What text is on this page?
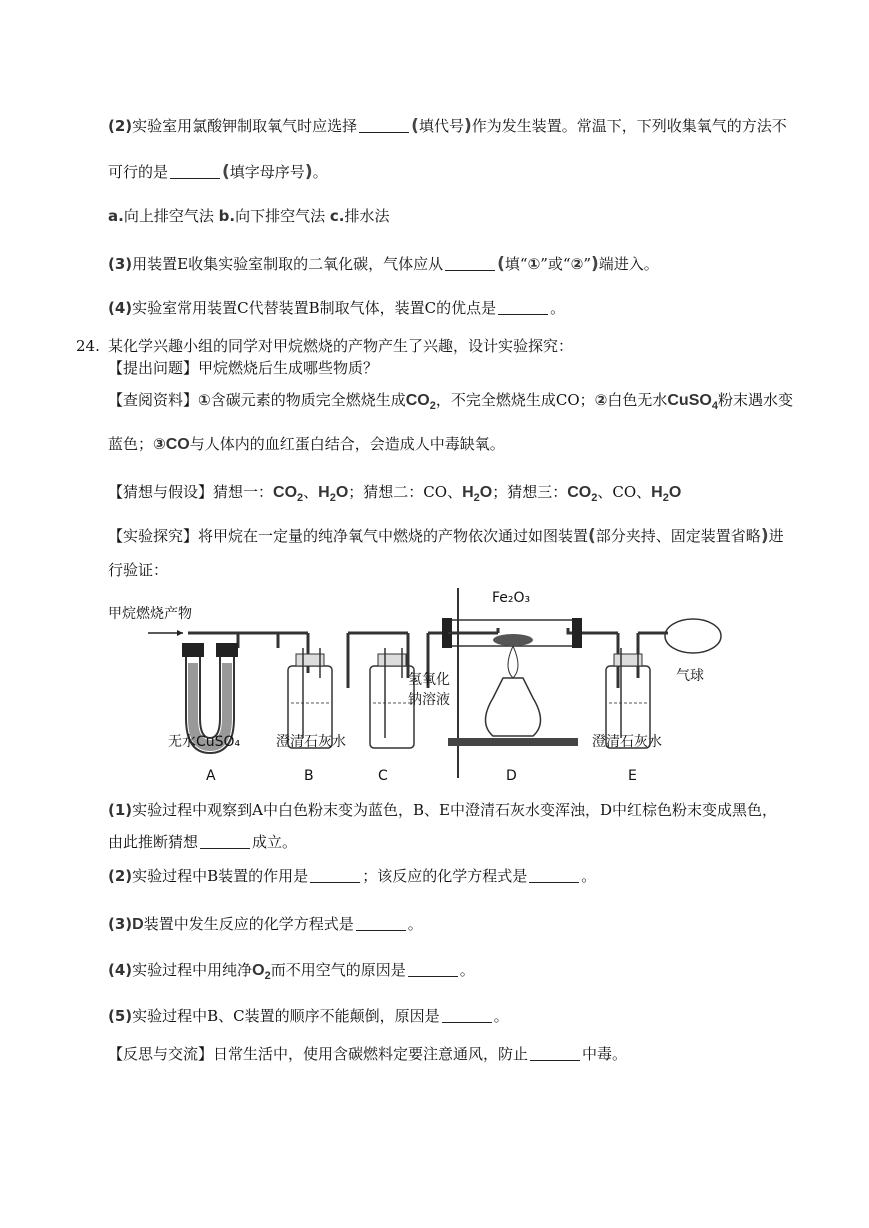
(2)实验室用氯酸钾制取氧气时应选择	(填代号)作为发生装置。常温下，下列收集氧气的方法不
可行的是	(填字母序号)。
a.向上排空气法 b.向下排空气法 c.排水法
(3)用装置E收集实验室制取的二氧化碳，气体应从	(填“①”或“②”)端进入。
(4)实验室常用装置C代替装置B制取气体，装置C的优点是	。
24. 某化学兴趣小组的同学对甲烷燃烧的产物产生了兴趣，设计实验探究：
【提出问题】甲烷燃烧后生成哪些物质？
【查阅资料】①含碳元素的物质完全燃烧生成$CO_2$，不完全燃烧生成CO；②白色无水CuSO$_4$粉末遇水变
蓝色；③CO与人体内的血红蛋白结合，会造成人中毒缺氧。
【猜想与假设】猜想一：$CO_2$、$H_2O$；猜想二：CO、$H_2O$；猜想三：$CO_2$、CO、$H_2O$
【实验探究】将甲烷在一定量的纯净氧气中燃烧的产物依次通过如图装置(部分夹持、固定装置省略)进
行验证：
甲烷燃烧产物
Fe₂O₃
氢氧化
钠溶液
气球
无水CuSO₄	澄清石灰水	澄清石灰水
A	B	C	D	E
(1)实验过程中观察到A中白色粉末变为蓝色，B、E中澄清石灰水变浑浊，D中红棕色粉末变成黑色，
由此推断猜想	成立。
(2)实验过程中B装置的作用是	；该反应的化学方程式是	。
(3)D装置中发生反应的化学方程式是	。
(4)实验过程中用纯净$O_2$而不用空气的原因是	。
(5)实验过程中B、C装置的顺序不能颠倒，原因是	。
【反思与交流】日常生活中，使用含碳燃料定要注意通风，防止	中毒。
